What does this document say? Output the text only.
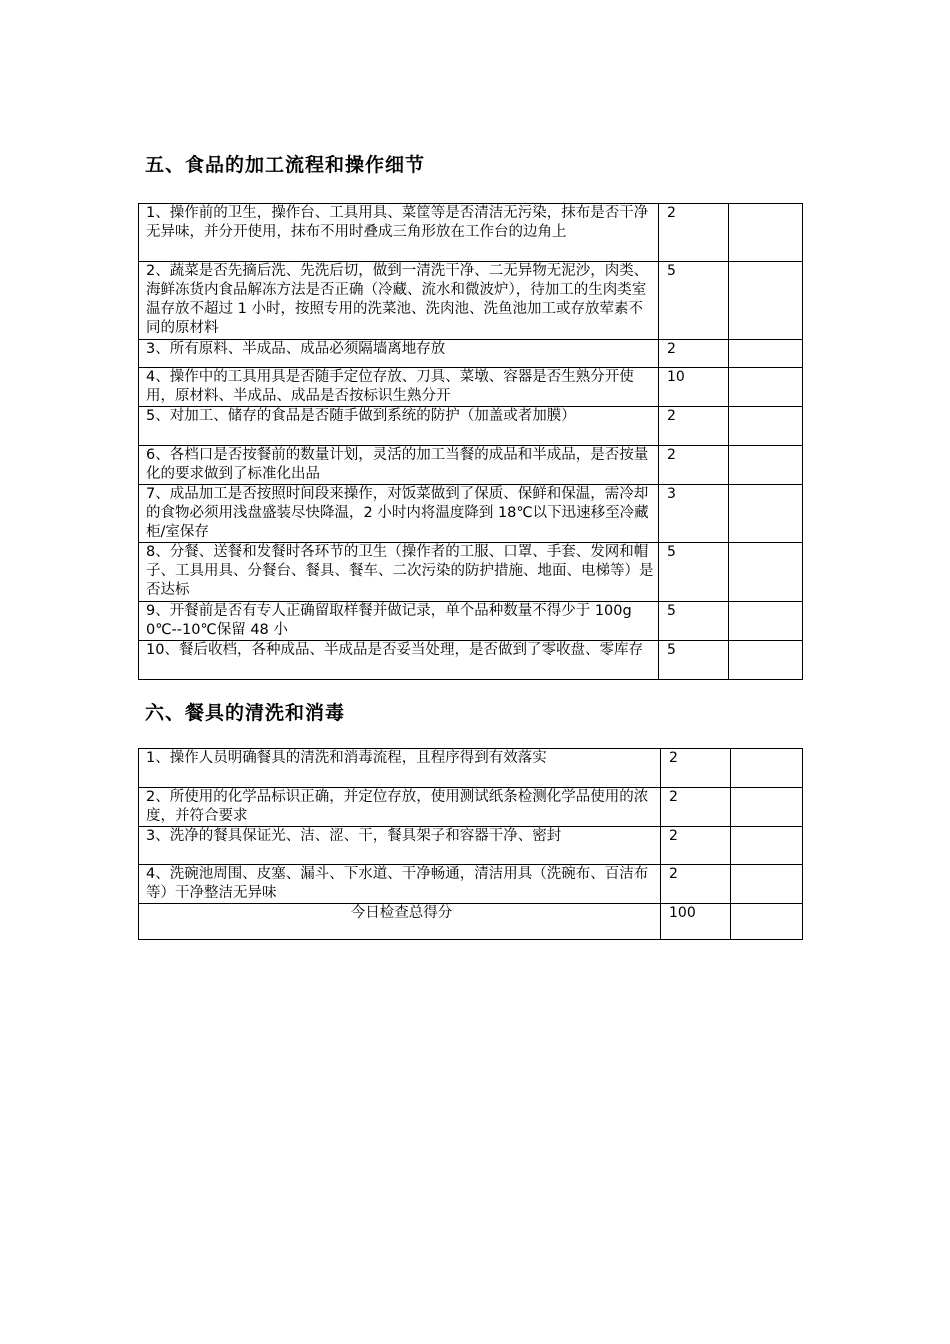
五、食品的加工流程和操作细节
1、操作前的卫生，操作台、工具用具、菜筐等是否清洁无污染，抹布是否干净无异味，并分开使用，抹布不用时叠成三角形放在工作台的边角上	2	
2、蔬菜是否先摘后洗、先洗后切，做到一清洗干净、二无异物无泥沙，肉类、海鲜冻货内食品解冻方法是否正确（冷藏、流水和微波炉），待加工的生肉类室温存放不超过 1 小时，按照专用的洗菜池、洗肉池、洗鱼池加工或存放荤素不同的原材料	5	
3、所有原料、半成品、成品必须隔墙离地存放	2	
4、操作中的工具用具是否随手定位存放、刀具、菜墩、容器是否生熟分开使用，原材料、半成品、成品是否按标识生熟分开	10	
5、对加工、储存的食品是否随手做到系统的防护（加盖或者加膜）	2	
6、各档口是否按餐前的数量计划，灵活的加工当餐的成品和半成品，是否按量化的要求做到了标准化出品	2	
7、成品加工是否按照时间段来操作，对饭菜做到了保质、保鲜和保温，需冷却的食物必须用浅盘盛装尽快降温，2 小时内将温度降到 18℃以下迅速移至冷藏柜/室保存	3	
8、分餐、送餐和发餐时各环节的卫生（操作者的工服、口罩、手套、发网和帽子、工具用具、分餐台、餐具、餐车、二次污染的防护措施、地面、电梯等）是否达标	5	
9、开餐前是否有专人正确留取样餐并做记录，单个品种数量不得少于 100g0℃--10℃保留 48 小	5	
10、餐后收档，各种成品、半成品是否妥当处理，是否做到了零收盘、零库存	5	
六、餐具的清洗和消毒
1、操作人员明确餐具的清洗和消毒流程，且程序得到有效落实	2	
2、所使用的化学品标识正确，并定位存放，使用测试纸条检测化学品使用的浓度，并符合要求	2	
3、洗净的餐具保证光、洁、涩、干，餐具架子和容器干净、密封	2	
4、洗碗池周围、皮塞、漏斗、下水道、干净畅通，清洁用具（洗碗布、百洁布等）干净整洁无异味	2	
今日检查总得分	100	
